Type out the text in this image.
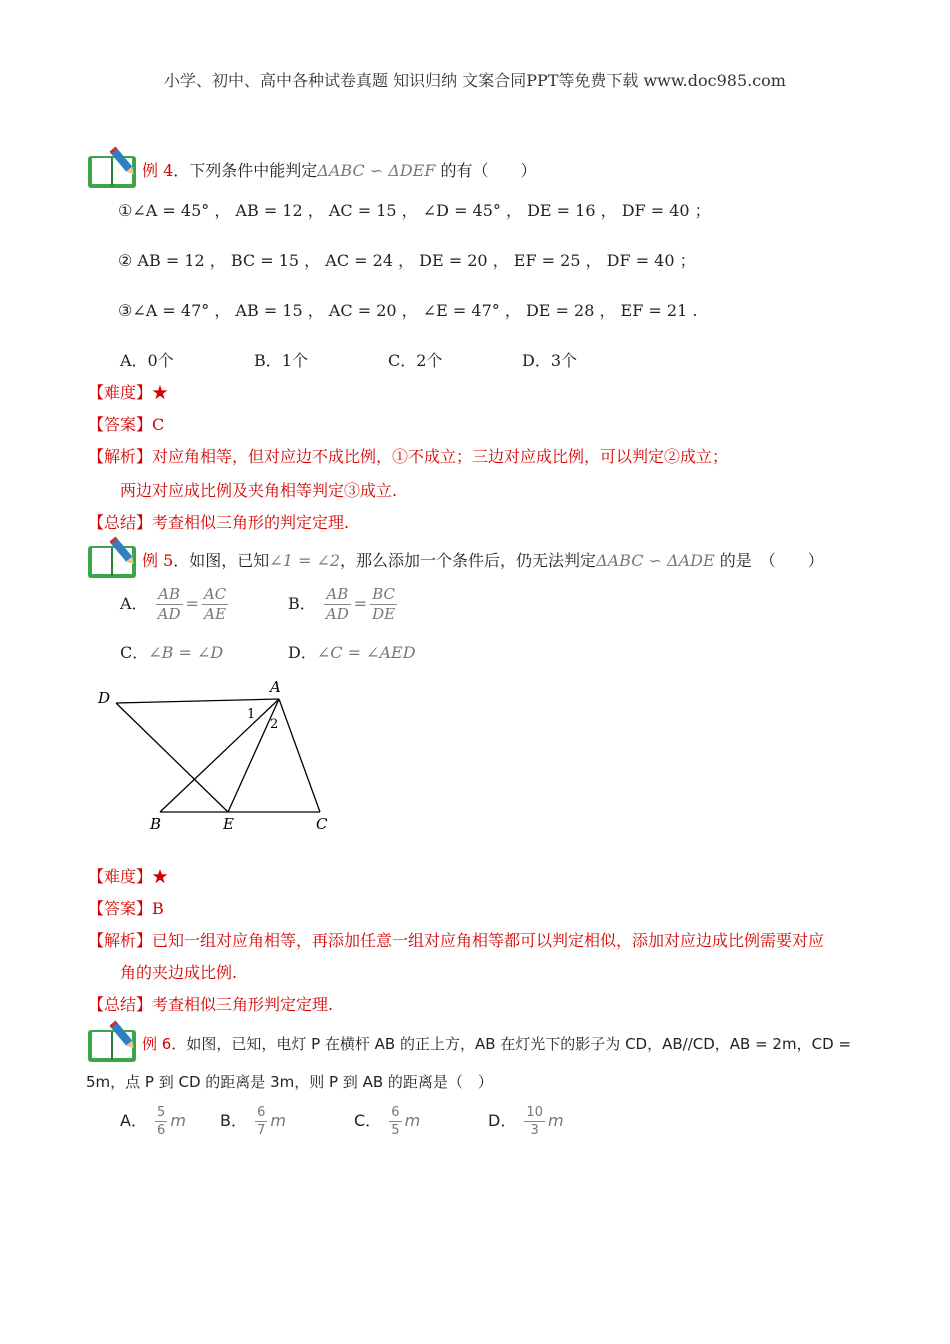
小学、初中、高中各种试卷真题 知识归纳 文案合同PPT等免费下载 www.doc985.com
例 4．下列条件中能判定ΔABC ∽ ΔDEF 的有（　　）
①∠A = 45° ， AB = 12 ， AC = 15 ， ∠D = 45° ， DE = 16 ， DF = 40 ；
② AB = 12 ， BC = 15 ， AC = 24 ， DE = 20 ， EF = 25 ， DF = 40 ；
③∠A = 47° ， AB = 15 ， AC = 20 ， ∠E = 47° ， DE = 28 ， EF = 21 .
A．0个	B．1个	C．2个	D．3个
【难度】★
【答案】C
【解析】对应角相等，但对应边不成比例，①不成立；三边对应成比例，可以判定②成立；
两边对应成比例及夹角相等判定③成立.
【总结】考查相似三角形的判定定理.
例 5．如图，已知∠1 = ∠2，那么添加一个条件后，仍无法判定ΔABC ∽ ΔADE 的是　（　　）
A． $\frac{AB}{AD} = \frac{AC}{AE}$	B． $\frac{AB}{AD} = \frac{BC}{DE}$
C．∠B = ∠D	D．∠C = ∠AED
D
A
B	E	C
1
2
【难度】★
【答案】B
【解析】已知一组对应角相等，再添加任意一组对应角相等都可以判定相似，添加对应边成比例需要对应
角的夹边成比例.
【总结】考查相似三角形判定定理.
例 6．如图，已知，电灯 P 在横杆 AB 的正上方，AB 在灯光下的影子为 CD，AB//CD，AB = 2m，CD =
5m，点 P 到 CD 的距离是 3m，则 P 到 AB 的距离是（　）
A． $\frac{5}{6}$ m B． $\frac{6}{7}$ m	C． $\frac{6}{5}$ m	D． $\frac{10}{3}$ m
